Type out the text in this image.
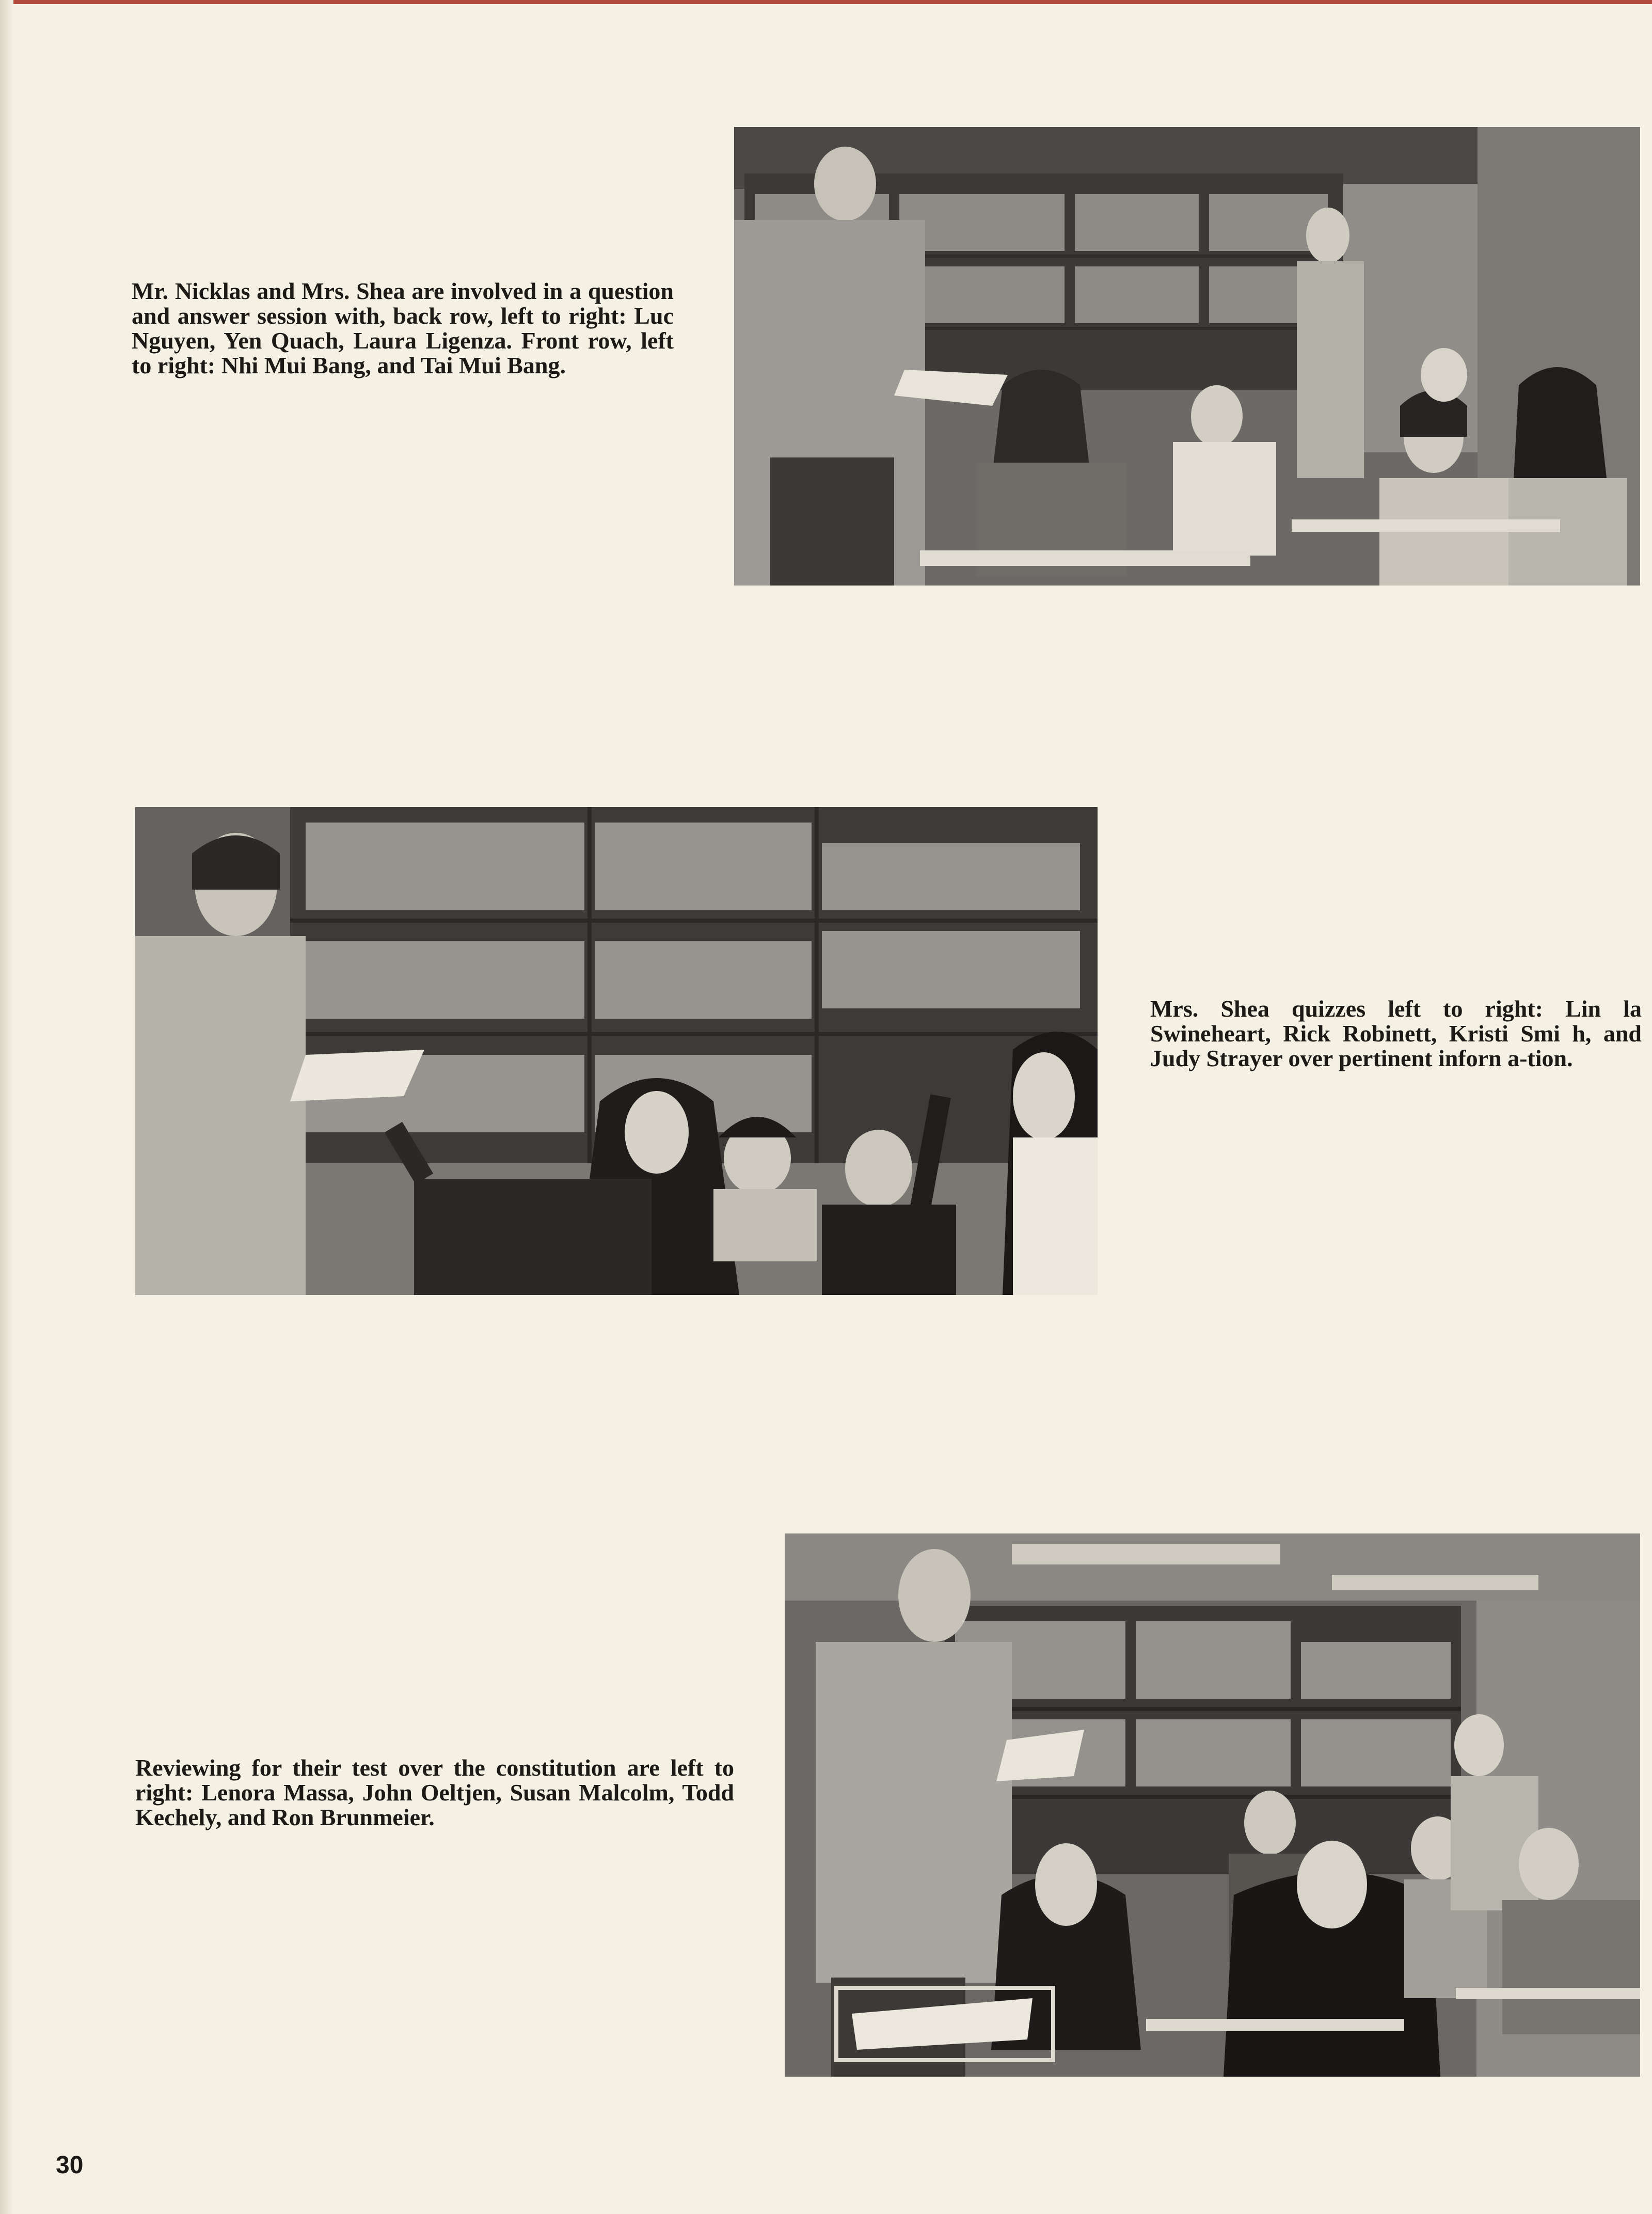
Mr. Nicklas and Mrs. Shea are involved in a question and answer session with, back row, left to right: Luc Nguyen, Yen Quach, Laura Ligenza. Front row, left to right: Nhi Mui Bang, and Tai Mui Bang.

Mrs. Shea quizzes left to right: Lin la Swineheart, Rick Robinett, Kristi Smi h, and Judy Strayer over pertinent inforn a-tion.

Reviewing for their test over the constitution are left to right: Lenora Massa, John Oeltjen, Susan Malcolm, Todd Kechely, and Ron Brunmeier.

30
